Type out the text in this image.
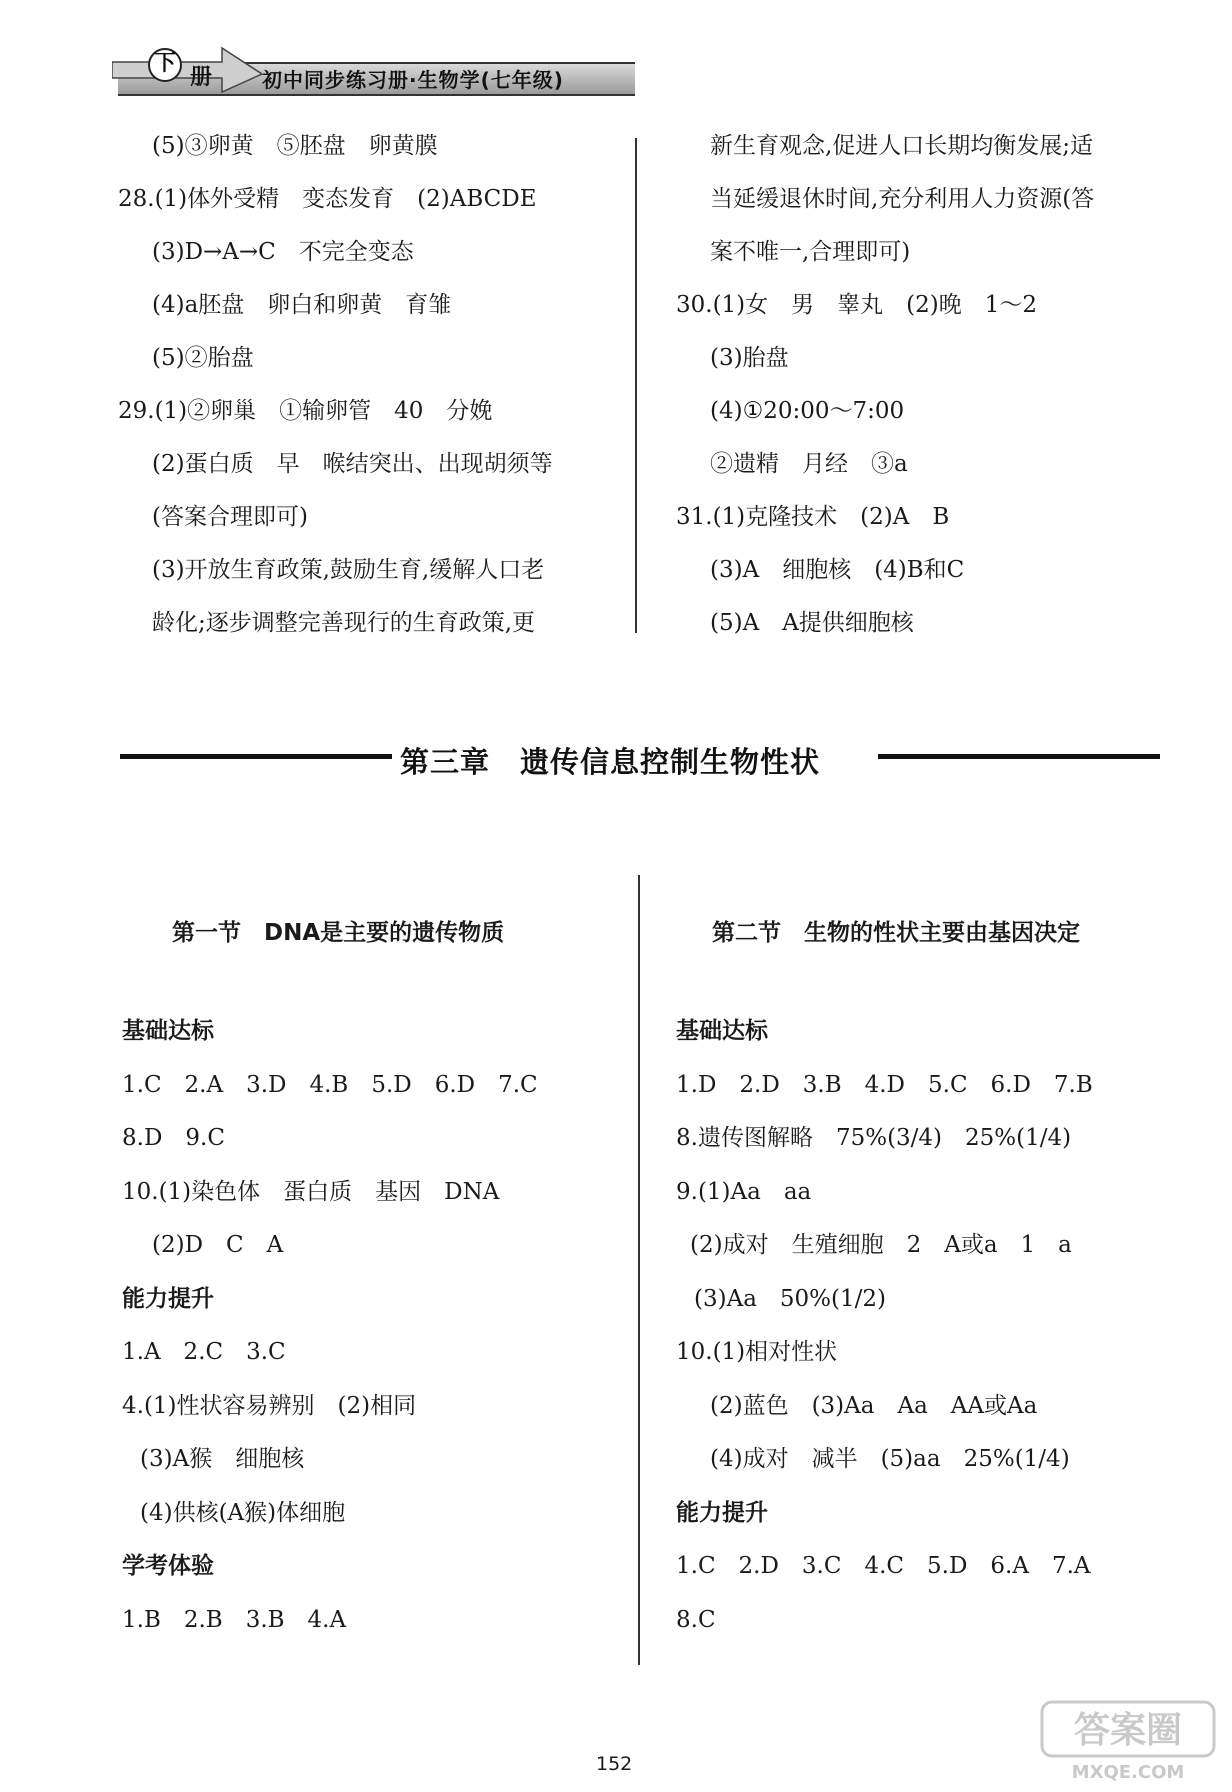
下
册	初中同步练习册·生物学(七年级)
(5)③卵黄　⑤胚盘　卵黄膜
28.(1)体外受精　变态发育　(2)ABCDE
(3)D→A→C　不完全变态
(4)a胚盘　卵白和卵黄　育雏
(5)②胎盘
29.(1)②卵巢　①输卵管　40　分娩
(2)蛋白质　早　喉结突出、出现胡须等
(答案合理即可)
(3)开放生育政策,鼓励生育,缓解人口老
龄化;逐步调整完善现行的生育政策,更
新生育观念,促进人口长期均衡发展;适
当延缓退休时间,充分利用人力资源(答
案不唯一,合理即可)
30.(1)女　男　睾丸　(2)晚　1～2
(3)胎盘
(4)①20:00～7:00
②遗精　月经　③a
31.(1)克隆技术　(2)A　B
(3)A　细胞核　(4)B和C
(5)A　A提供细胞核
第三章　遗传信息控制生物性状
第一节　DNA是主要的遗传物质	第二节　生物的性状主要由基因决定
基础达标
1.C　2.A　3.D　4.B　5.D　6.D　7.C
8.D　9.C
10.(1)染色体　蛋白质　基因　DNA
(2)D　C　A
能力提升
1.A　2.C　3.C
4.(1)性状容易辨别　(2)相同
(3)A猴　细胞核
(4)供核(A猴)体细胞
学考体验
1.B　2.B　3.B　4.A
基础达标
1.D　2.D　3.B　4.D　5.C　6.D　7.B
8.遗传图解略　75%(3/4)　25%(1/4)
9.(1)Aa　aa
(2)成对　生殖细胞　2　A或a　1　a
(3)Aa　50%(1/2)
10.(1)相对性状
(2)蓝色　(3)Aa　Aa　AA或Aa
(4)成对　减半　(5)aa　25%(1/4)
能力提升
1.C　2.D　3.C　4.C　5.D　6.A　7.A
8.C
152
答案圈
MXQE.COM
